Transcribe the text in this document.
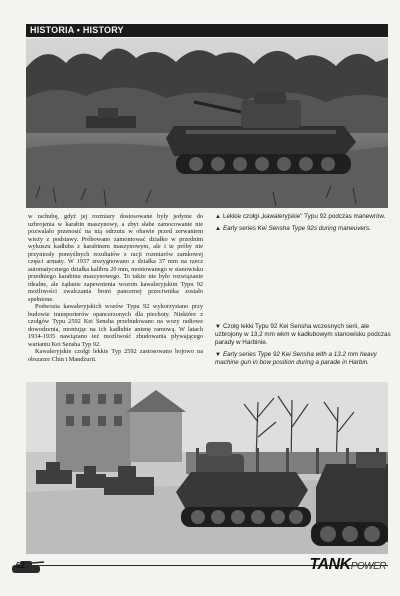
HISTORIA • HISTORY

w rachubę, gdyż jej rozmiary dostosowane były jedynie do uzbrojenia w karabin maszynowy, a zbyt słabe zamocowanie nie pozwalało przenosić na nią odrzutu w obawie przed zerwaniem wieży z podstawy. Próbowano zamontować działko w przednim wykuszu kadłuba z karabinem maszynowym, ale i te próby nie przyniosły pomyślnych rezultatów z racji rozmiarów zamkowej części armaty. W 1937 zrezygnowano z działka 37 mm na rzecz automatycznego działka kalibru 20 mm, montowanego w stanowisku przedniego karabinu maszynowego. To także nie było rozwiązanie idealne, ale żądanie zapewnienia wozom kawaleryjskim Typu 92 możliwości zwalczania broni pancernej przeciwnika zostało spełnione.

Podwozia kawaleryjskich wozów Typu 92 wykorzystano przy budowie transporterów opancerzonych dla piechoty. Niektóre z czołgów Typu 2592 Kei Sensha przebudowano na wozy radiowe dowodzenia, montując na ich kadłubie antenę ramową. W latach 1934-1935 nawiązano też możliwość zbudowania pływającego wariantu Kei Sensha Typ 92.

Kawaleryjskie czołgi lekkie Typ 2592 zastosowano bojowo na obszarze Chin i Mandżurii.

▲ Lekkie czołgi „kawaleryjskie" Typu 92 podczas manewrów.
▲ Early series Kei Sensha Type 92s during maneuvers.
▼ Czołg lekki Typu 92 Kei Sensha wczesnych serii, ale uzbrojony w 13,2 mm wkm w kadłubowym stanowisku podczas parady w Harbinie.
▼ Early series Type 92 Kei Sensha with a 13.2 mm heavy machine gun in bow position during a parade in Harbin.
62	TANKPOWER
